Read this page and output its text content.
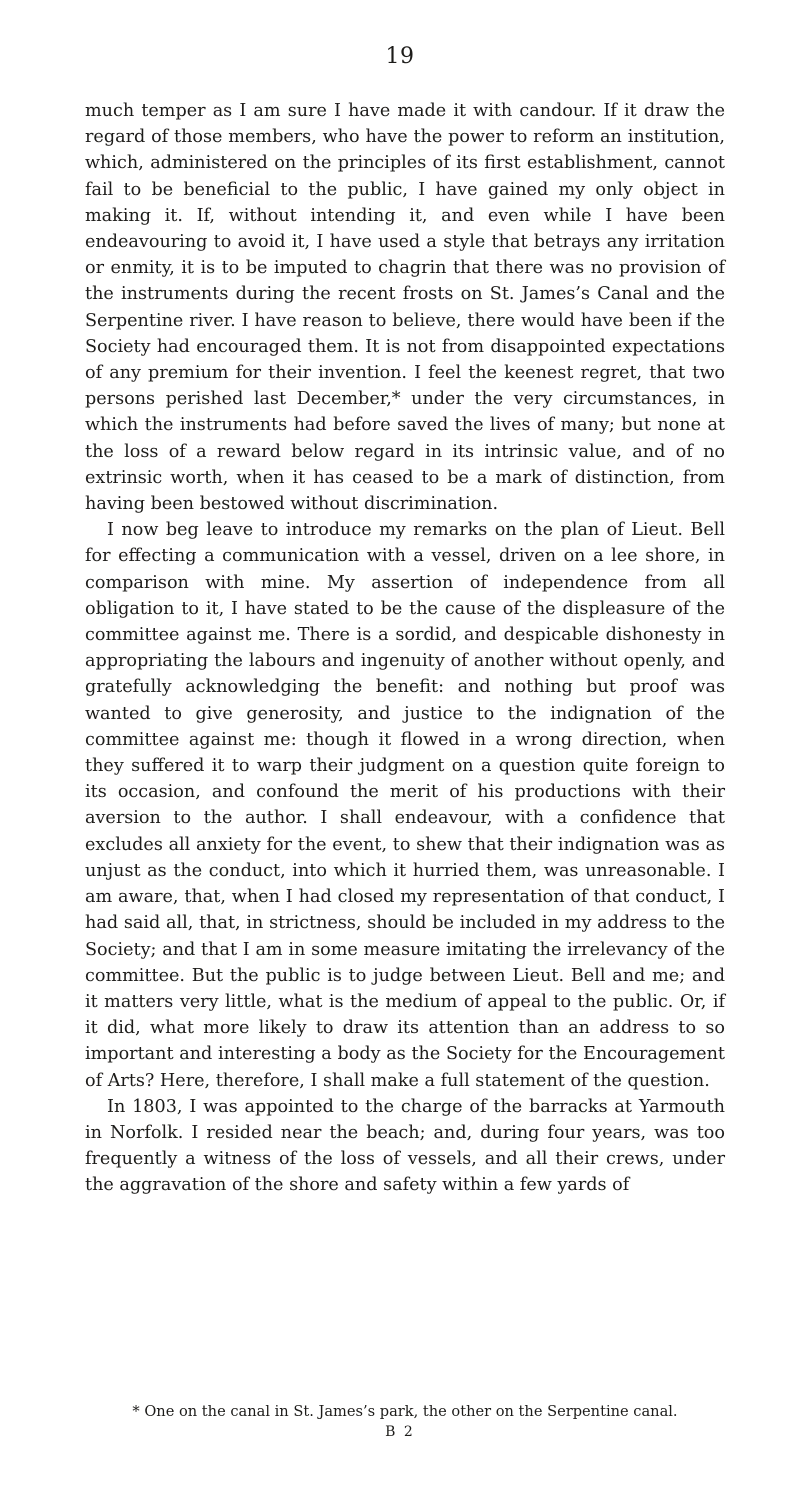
19

much temper as I am sure I have made it with candour. If it draw the regard of those members, who have the power to reform an institution, which, administered on the principles of its first establishment, cannot fail to be beneficial to the public, I have gained my only object in making it. If, without intending it, and even while I have been endeavouring to avoid it, I have used a style that betrays any irritation or enmity, it is to be imputed to chagrin that there was no provision of the instruments during the recent frosts on St. James’s Canal and the Serpentine river. I have reason to believe, there would have been if the Society had encouraged them. It is not from disappointed expectations of any premium for their invention. I feel the keenest regret, that two persons perished last December,* under the very circumstances, in which the instruments had before saved the lives of many; but none at the loss of a reward below regard in its intrinsic value, and of no extrinsic worth, when it has ceased to be a mark of distinction, from having been bestowed without discrimination.

I now beg leave to introduce my remarks on the plan of Lieut. Bell for effecting a communication with a vessel, driven on a lee shore, in comparison with mine. My assertion of independence from all obligation to it, I have stated to be the cause of the displeasure of the committee against me. There is a sordid, and despicable dishonesty in appropriating the labours and ingenuity of another without openly, and gratefully acknowledging the benefit: and nothing but proof was wanted to give generosity, and justice to the indignation of the committee against me: though it flowed in a wrong direction, when they suffered it to warp their judgment on a question quite foreign to its occasion, and confound the merit of his productions with their aversion to the author. I shall endeavour, with a confidence that excludes all anxiety for the event, to shew that their indignation was as unjust as the conduct, into which it hurried them, was unreasonable. I am aware, that, when I had closed my representation of that conduct, I had said all, that, in strictness, should be included in my address to the Society; and that I am in some measure imitating the irrelevancy of the committee. But the public is to judge between Lieut. Bell and me; and it matters very little, what is the medium of appeal to the public. Or, if it did, what more likely to draw its attention than an address to so important and interesting a body as the Society for the Encouragement of Arts? Here, therefore, I shall make a full statement of the question.

In 1803, I was appointed to the charge of the barracks at Yarmouth in Norfolk. I resided near the beach; and, during four years, was too frequently a witness of the loss of vessels, and all their crews, under the aggravation of the shore and safety within a few yards of

* One on the canal in St. James’s park, the other on the Serpentine canal.
B 2
